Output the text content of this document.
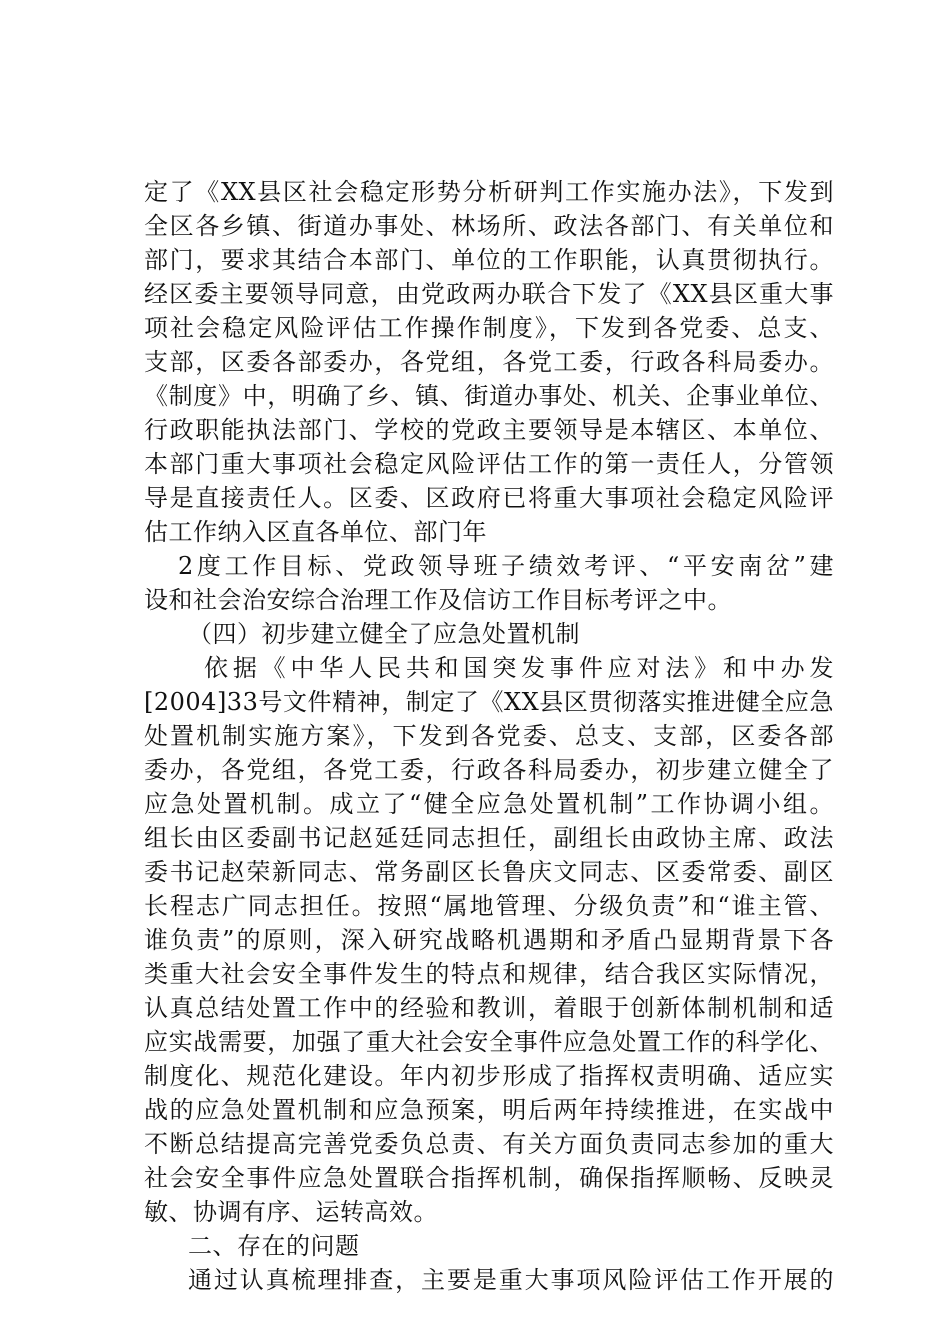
定了《XX县区社会稳定形势分析研判工作实施办法》，下发到
全区各乡镇、街道办事处、林场所、政法各部门、有关单位和
部门，要求其结合本部门、单位的工作职能，认真贯彻执行。
经区委主要领导同意，由党政两办联合下发了《XX县区重大事
项社会稳定风险评估工作操作制度》，下发到各党委、总支、
支部，区委各部委办，各党组，各党工委，行政各科局委办。
《制度》中，明确了乡、镇、街道办事处、机关、企事业单位、
行政职能执法部门、学校的党政主要领导是本辖区、本单位、
本部门重大事项社会稳定风险评估工作的第一责任人，分管领
导是直接责任人。区委、区政府已将重大事项社会稳定风险评
估工作纳入区直各单位、部门年
2度工作目标、党政领导班子绩效考评、“平安南岔”建
设和社会治安综合治理工作及信访工作目标考评之中。
（四）初步建立健全了应急处置机制
依据《中华人民共和国突发事件应对法》和中办发
[2004]33号文件精神，制定了《XX县区贯彻落实推进健全应急
处置机制实施方案》，下发到各党委、总支、支部，区委各部
委办，各党组，各党工委，行政各科局委办，初步建立健全了
应急处置机制。成立了“健全应急处置机制”工作协调小组。
组长由区委副书记赵延廷同志担任，副组长由政协主席、政法
委书记赵荣新同志、常务副区长鲁庆文同志、区委常委、副区
长程志广同志担任。按照“属地管理、分级负责”和“谁主管、
谁负责”的原则，深入研究战略机遇期和矛盾凸显期背景下各
类重大社会安全事件发生的特点和规律，结合我区实际情况，
认真总结处置工作中的经验和教训，着眼于创新体制机制和适
应实战需要，加强了重大社会安全事件应急处置工作的科学化、
制度化、规范化建设。年内初步形成了指挥权责明确、适应实
战的应急处置机制和应急预案，明后两年持续推进，在实战中
不断总结提高完善党委负总责、有关方面负责同志参加的重大
社会安全事件应急处置联合指挥机制，确保指挥顺畅、反映灵
敏、协调有序、运转高效。
二、存在的问题
通过认真梳理排查，主要是重大事项风险评估工作开展的
